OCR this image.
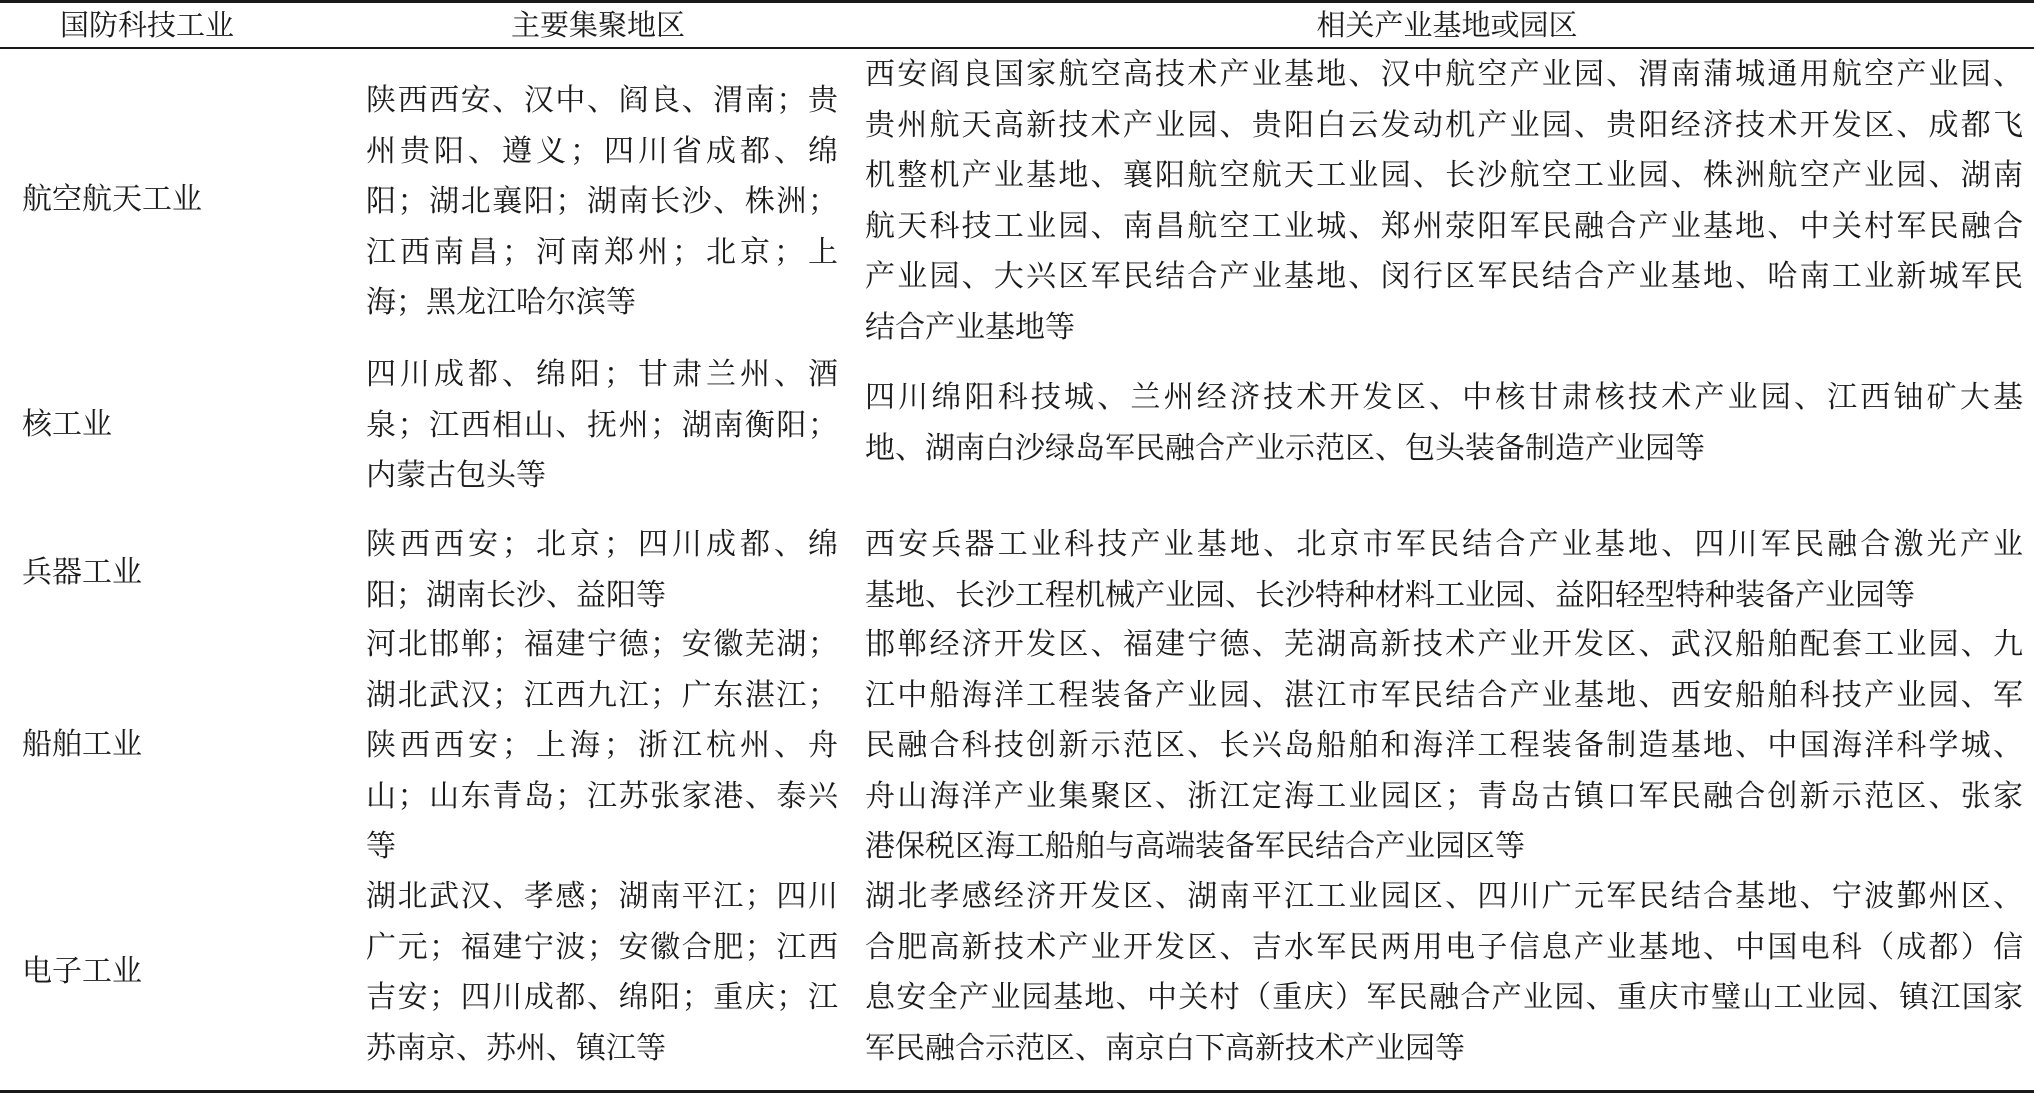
国防科技工业	主要集聚地区	相关产业基地或园区
航空航天工业
陕西西安、汉中、阎良、渭南；贵
州贵阳、遵义；四川省成都、绵
阳；湖北襄阳；湖南长沙、株洲；
江西南昌；河南郑州；北京；上
海；黑龙江哈尔滨等
西安阎良国家航空高技术产业基地、汉中航空产业园、渭南蒲城通用航空产业园、
贵州航天高新技术产业园、贵阳白云发动机产业园、贵阳经济技术开发区、成都飞
机整机产业基地、襄阳航空航天工业园、长沙航空工业园、株洲航空产业园、湖南
航天科技工业园、南昌航空工业城、郑州荥阳军民融合产业基地、中关村军民融合
产业园、大兴区军民结合产业基地、闵行区军民结合产业基地、哈南工业新城军民
结合产业基地等
核工业
四川成都、绵阳；甘肃兰州、酒
泉；江西相山、抚州；湖南衡阳；
内蒙古包头等
四川绵阳科技城、兰州经济技术开发区、中核甘肃核技术产业园、江西铀矿大基
地、湖南白沙绿岛军民融合产业示范区、包头装备制造产业园等
兵器工业
陕西西安；北京；四川成都、绵
阳；湖南长沙、益阳等
西安兵器工业科技产业基地、北京市军民结合产业基地、四川军民融合激光产业
基地、长沙工程机械产业园、长沙特种材料工业园、益阳轻型特种装备产业园等
船舶工业
河北邯郸；福建宁德；安徽芜湖；
湖北武汉；江西九江；广东湛江；
陕西西安；上海；浙江杭州、舟
山；山东青岛；江苏张家港、泰兴
等
邯郸经济开发区、福建宁德、芜湖高新技术产业开发区、武汉船舶配套工业园、九
江中船海洋工程装备产业园、湛江市军民结合产业基地、西安船舶科技产业园、军
民融合科技创新示范区、长兴岛船舶和海洋工程装备制造基地、中国海洋科学城、
舟山海洋产业集聚区、浙江定海工业园区；青岛古镇口军民融合创新示范区、张家
港保税区海工船舶与高端装备军民结合产业园区等
电子工业
湖北武汉、孝感；湖南平江；四川
广元；福建宁波；安徽合肥；江西
吉安；四川成都、绵阳；重庆；江
苏南京、苏州、镇江等
湖北孝感经济开发区、湖南平江工业园区、四川广元军民结合基地、宁波鄞州区、
合肥高新技术产业开发区、吉水军民两用电子信息产业基地、中国电科（成都）信
息安全产业园基地、中关村（重庆）军民融合产业园、重庆市璧山工业园、镇江国家
军民融合示范区、南京白下高新技术产业园等
